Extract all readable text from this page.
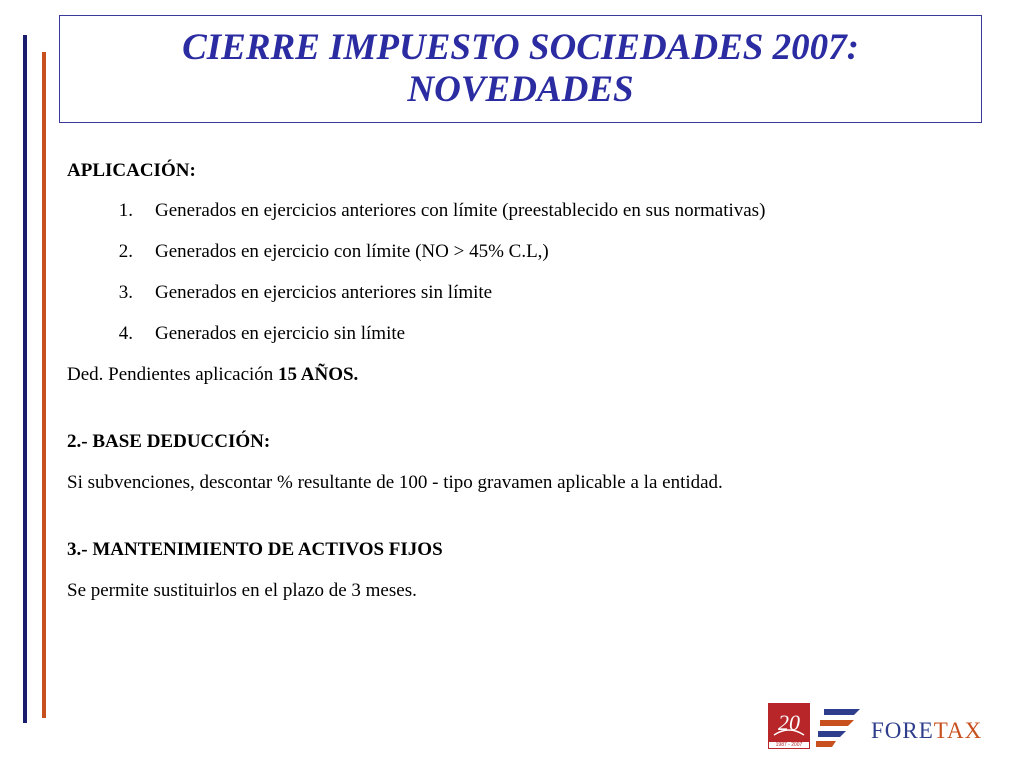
CIERRE IMPUESTO SOCIEDADES 2007:
NOVEDADES
APLICACIÓN:
1.	Generados en ejercicios anteriores con límite (preestablecido en sus normativas)
2.	Generados en ejercicio con límite (NO > 45% C.L,)
3.	Generados en ejercicios anteriores sin límite
4.	Generados en ejercicio sin límite
Ded. Pendientes aplicación 15 AÑOS.
2.- BASE DEDUCCIÓN:
Si subvenciones, descontar % resultante de 100 - tipo gravamen aplicable a la entidad.
3.- MANTENIMIENTO DE ACTIVOS FIJOS
Se permite sustituirlos en el plazo de 3 meses.
20
1987 - 2007
FORETAX
